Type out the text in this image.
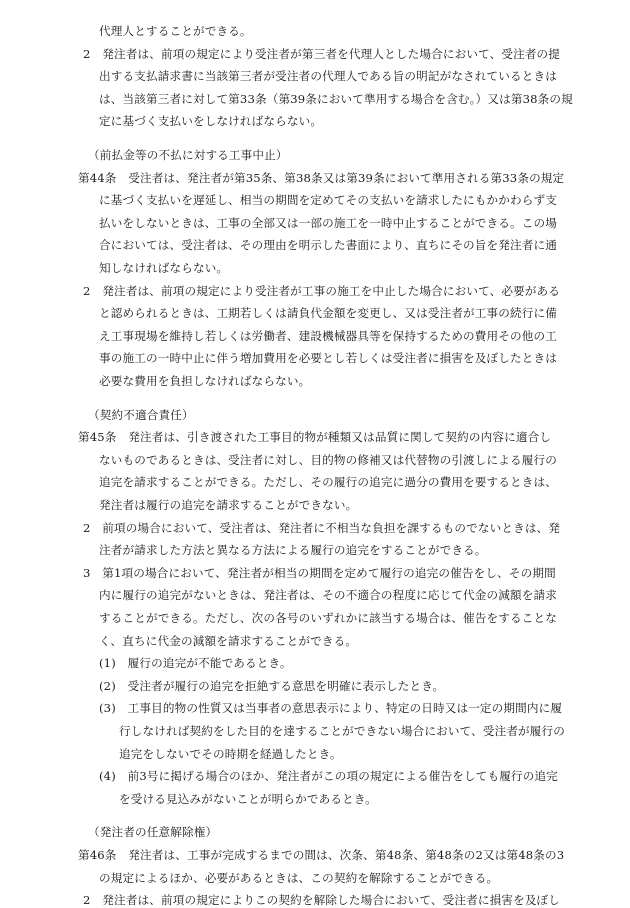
代理人とすることができる。
2　発注者は、前項の規定により受注者が第三者を代理人とした場合において、受注者の提
出する支払請求書に当該第三者が受注者の代理人である旨の明記がなされているときは
は、当該第三者に対して第33条（第39条において準用する場合を含む。）又は第38条の規
定に基づく支払いをしなければならない。
（前払金等の不払に対する工事中止）
第44条　受注者は、発注者が第35条、第38条又は第39条において準用される第33条の規定
に基づく支払いを遅延し、相当の期間を定めてその支払いを請求したにもかかわらず支
払いをしないときは、工事の全部又は一部の施工を一時中止することができる。この場
合においては、受注者は、その理由を明示した書面により、直ちにその旨を発注者に通
知しなければならない。
2　発注者は、前項の規定により受注者が工事の施工を中止した場合において、必要がある
と認められるときは、工期若しくは請負代金額を変更し、又は受注者が工事の続行に備
え工事現場を維持し若しくは労働者、建設機械器具等を保持するための費用その他の工
事の施工の一時中止に伴う増加費用を必要とし若しくは受注者に損害を及ぼしたときは
必要な費用を負担しなければならない。
（契約不適合責任）
第45条　発注者は、引き渡された工事目的物が種類又は品質に関して契約の内容に適合し
ないものであるときは、受注者に対し、目的物の修補又は代替物の引渡しによる履行の
追完を請求することができる。ただし、その履行の追完に過分の費用を要するときは、
発注者は履行の追完を請求することができない。
2　前項の場合において、受注者は、発注者に不相当な負担を課するものでないときは、発
注者が請求した方法と異なる方法による履行の追完をすることができる。
3　第1項の場合において、発注者が相当の期間を定めて履行の追完の催告をし、その期間
内に履行の追完がないときは、発注者は、その不適合の程度に応じて代金の減額を請求
することができる。ただし、次の各号のいずれかに該当する場合は、催告をすることな
く、直ちに代金の減額を請求することができる。
(1)　履行の追完が不能であるとき。
(2)　受注者が履行の追完を拒絶する意思を明確に表示したとき。
(3)　工事目的物の性質又は当事者の意思表示により、特定の日時又は一定の期間内に履
行しなければ契約をした目的を達することができない場合において、受注者が履行の
追完をしないでその時期を経過したとき。
(4)　前3号に掲げる場合のほか、発注者がこの項の規定による催告をしても履行の追完
を受ける見込みがないことが明らかであるとき。
（発注者の任意解除権）
第46条　発注者は、工事が完成するまでの間は、次条、第48条、第48条の2又は第48条の3
の規定によるほか、必要があるときは、この契約を解除することができる。
2　発注者は、前項の規定によりこの契約を解除した場合において、受注者に損害を及ぼし
